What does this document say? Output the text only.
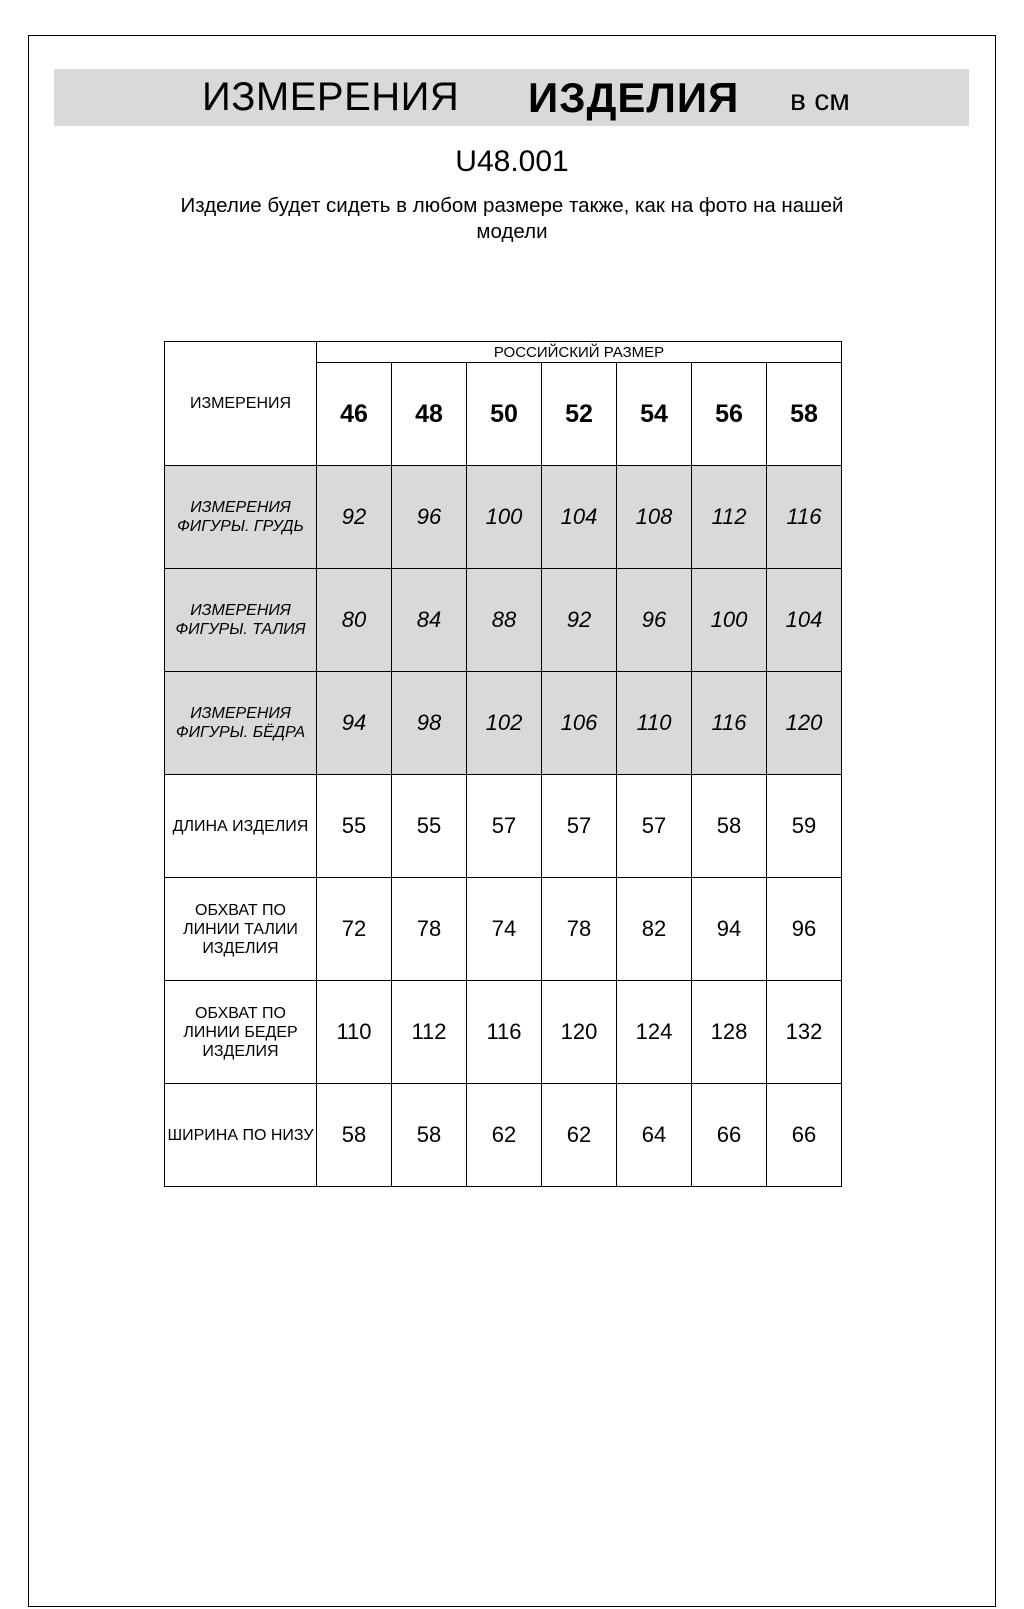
ИЗМЕРЕНИЯ ИЗДЕЛИЯ в см
U48.001
Изделие будет сидеть в любом размере также, как на фото на нашей модели
ИЗМЕРЕНИЯ	РОССИЙСКИЙ РАЗМЕР						
	46	48	50	52	54	56	58
ИЗМЕРЕНИЯ ФИГУРЫ. ГРУДЬ	92	96	100	104	108	112	116
ИЗМЕРЕНИЯ ФИГУРЫ. ТАЛИЯ	80	84	88	92	96	100	104
ИЗМЕРЕНИЯ ФИГУРЫ. БЁДРА	94	98	102	106	110	116	120
ДЛИНА ИЗДЕЛИЯ	55	55	57	57	57	58	59
ОБХВАТ ПО ЛИНИИ ТАЛИИ ИЗДЕЛИЯ	72	78	74	78	82	94	96
ОБХВАТ ПО ЛИНИИ БЕДЕР ИЗДЕЛИЯ	110	112	116	120	124	128	132
ШИРИНА ПО НИЗУ	58	58	62	62	64	66	66
